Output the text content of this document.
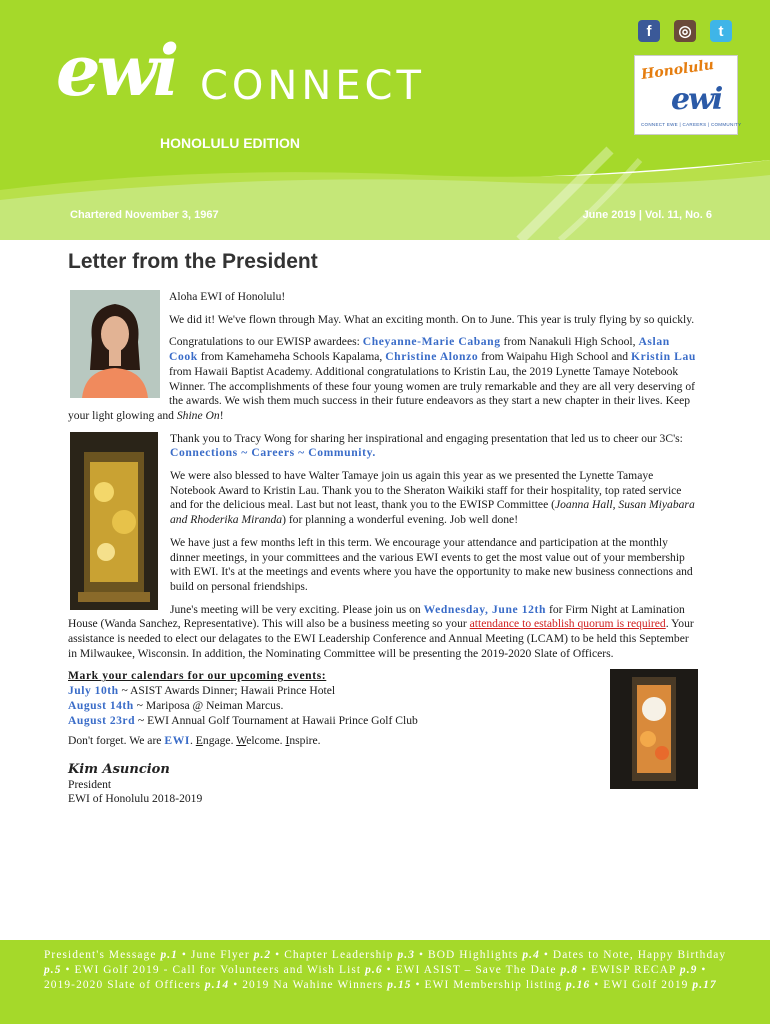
ewi CONNECT
HONOLULU EDITION
f	◎	t
Honolulu
ewi
CONNECT EWE | CAREERS | COMMUNITY
Chartered November 3, 1967	June 2019 | Vol. 11, No. 6
Letter from the President

Aloha EWI of Honolulu!

We did it! We've flown through May. What an exciting month. On to June. This year is truly flying by so quickly.

Congratulations to our EWISP awardees: Cheyanne-Marie Cabang from Nanakuli High School, Aslan Cook from Kamehameha Schools Kapalama, Christine Alonzo from Waipahu High School and Kristin Lau from Hawaii Baptist Academy. Additional congratulations to Kristin Lau, the 2019 Lynette Tamaye Notebook Winner. The accomplishments of these four young women are truly remarkable and they are all very deserving of the awards. We wish them much success in their future endeavors as they start a new chapter in their lives. Keep your light glowing and Shine On!

Thank you to Tracy Wong for sharing her inspirational and engaging presentation that led us to cheer our 3C's:
Connections ~ Careers ~ Community.

We were also blessed to have Walter Tamaye join us again this year as we presented the Lynette Tamaye Notebook Award to Kristin Lau. Thank you to the Sheraton Waikiki staff for their hospitality, top rated service and for the delicious meal. Last but not least, thank you to the EWISP Committee (Joanna Hall, Susan Miyabara and Rhoderika Miranda) for planning a wonderful evening. Job well done!

We have just a few months left in this term. We encourage your attendance and participation at the monthly dinner meetings, in your committees and the various EWI events to get the most value out of your membership with EWI. It's at the meetings and events where you have the opportunity to make new business connections and build on personal friendships.

June's meeting will be very exciting. Please join us on Wednesday, June 12th for Firm Night at Lamination House (Wanda Sanchez, Representative). This will also be a business meeting so your attendance to establish quorum is required. Your assistance is needed to elect our delagates to the EWI Leadership Conference and Annual Meeting (LCAM) to be held this September in Milwaukee, Wisconsin. In addition, the Nominating Committee will be presenting the 2019-2020 Slate of Officers.

Mark your calendars for our upcoming events:
July 10th ~ ASIST Awards Dinner; Hawaii Prince Hotel
August 14th ~ Mariposa @ Neiman Marcus.
August 23rd ~ EWI Annual Golf Tournament at Hawaii Prince Golf Club

Don't forget. We are EWI. Engage. Welcome. Inspire.

Kim Asuncion
President
EWI of Honolulu 2018-2019

President's Message p.1 • June Flyer p.2 • Chapter Leadership p.3 • BOD Highlights p.4 • Dates to Note, Happy Birthday p.5 • EWI Golf 2019 - Call for Volunteers and Wish List p.6 • EWI ASIST – Save The Date p.8 • EWISP RECAP p.9 • 2019-2020 Slate of Officers p.14 • 2019 Na Wahine Winners p.15 • EWI Membership listing p.16 • EWI Golf 2019 p.17
